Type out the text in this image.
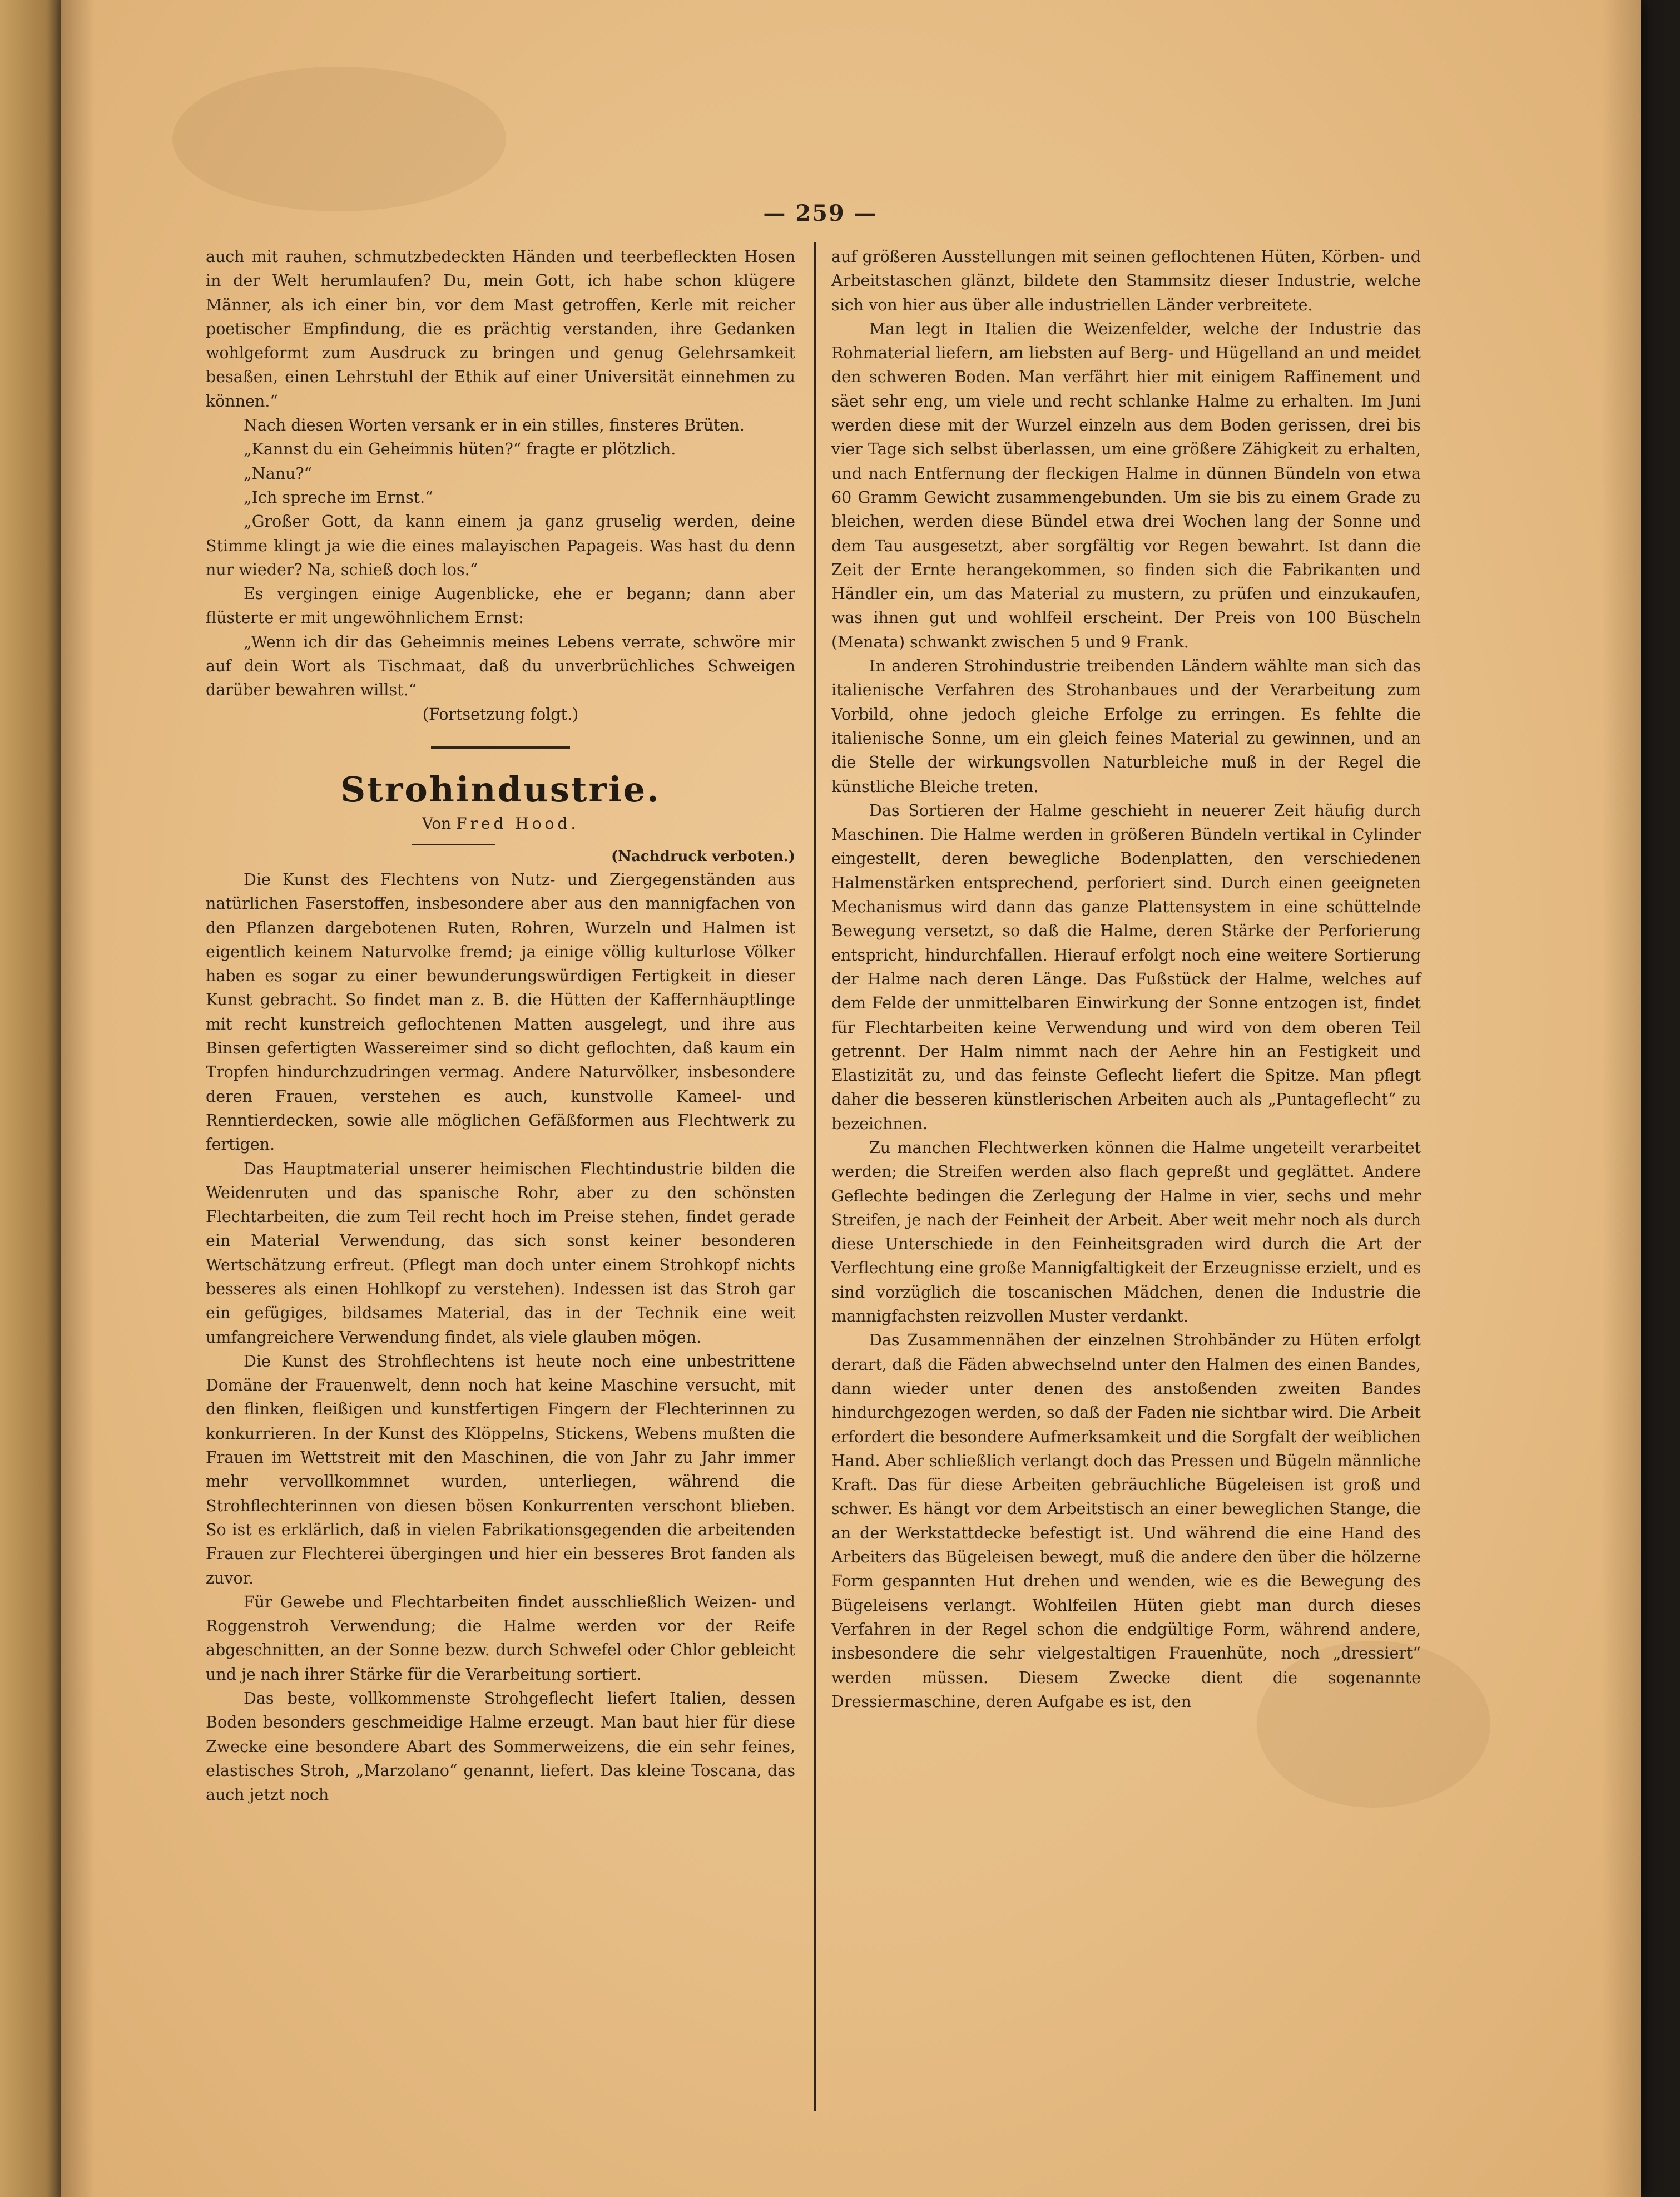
— 259 —

auch mit rauhen, schmutzbedeckten Händen und teerbefleckten Hosen in der Welt herumlaufen? Du, mein Gott, ich habe schon klügere Männer, als ich einer bin, vor dem Mast getroffen, Kerle mit reicher poetischer Empfindung, die es prächtig verstanden, ihre Gedanken wohlgeformt zum Ausdruck zu bringen und genug Gelehrsamkeit besaßen, einen Lehrstuhl der Ethik auf einer Universität einnehmen zu können.“

Nach diesen Worten versank er in ein stilles, finsteres Brüten.

„Kannst du ein Geheimnis hüten?“ fragte er plötzlich.

„Nanu?“

„Ich spreche im Ernst.“

„Großer Gott, da kann einem ja ganz gruselig werden, deine Stimme klingt ja wie die eines malayischen Papageis. Was hast du denn nur wieder? Na, schieß doch los.“

Es vergingen einige Augenblicke, ehe er begann; dann aber flüsterte er mit ungewöhnlichem Ernst:

„Wenn ich dir das Geheimnis meines Lebens verrate, schwöre mir auf dein Wort als Tischmaat, daß du unverbrüchliches Schweigen darüber bewahren willst.“

(Fortsetzung folgt.)

Strohindustrie.

Von Fred Hood.

(Nachdruck verboten.)

Die Kunst des Flechtens von Nutz- und Ziergegenständen aus natürlichen Faserstoffen, insbesondere aber aus den mannigfachen von den Pflanzen dargebotenen Ruten, Rohren, Wurzeln und Halmen ist eigentlich keinem Naturvolke fremd; ja einige völlig kulturlose Völker haben es sogar zu einer bewunderungswürdigen Fertigkeit in dieser Kunst gebracht. So findet man z. B. die Hütten der Kaffernhäuptlinge mit recht kunstreich geflochtenen Matten ausgelegt, und ihre aus Binsen gefertigten Wassereimer sind so dicht geflochten, daß kaum ein Tropfen hindurchzudringen vermag. Andere Naturvölker, insbesondere deren Frauen, verstehen es auch, kunstvolle Kameel- und Renntierdecken, sowie alle möglichen Gefäßformen aus Flechtwerk zu fertigen.

Das Hauptmaterial unserer heimischen Flechtindustrie bilden die Weidenruten und das spanische Rohr, aber zu den schönsten Flechtarbeiten, die zum Teil recht hoch im Preise stehen, findet gerade ein Material Verwendung, das sich sonst keiner besonderen Wertschätzung erfreut. (Pflegt man doch unter einem Strohkopf nichts besseres als einen Hohlkopf zu verstehen). Indessen ist das Stroh gar ein gefügiges, bildsames Material, das in der Technik eine weit umfangreichere Verwendung findet, als viele glauben mögen.

Die Kunst des Strohflechtens ist heute noch eine unbestrittene Domäne der Frauenwelt, denn noch hat keine Maschine versucht, mit den flinken, fleißigen und kunstfertigen Fingern der Flechterinnen zu konkurrieren. In der Kunst des Klöppelns, Stickens, Webens mußten die Frauen im Wettstreit mit den Maschinen, die von Jahr zu Jahr immer mehr vervollkommnet wurden, unterliegen, während die Strohflechterinnen von diesen bösen Konkurrenten verschont blieben. So ist es erklärlich, daß in vielen Fabrikationsgegenden die arbeitenden Frauen zur Flechterei übergingen und hier ein besseres Brot fanden als zuvor.

Für Gewebe und Flechtarbeiten findet ausschließlich Weizen- und Roggenstroh Verwendung; die Halme werden vor der Reife abgeschnitten, an der Sonne bezw. durch Schwefel oder Chlor gebleicht und je nach ihrer Stärke für die Verarbeitung sortiert.

Das beste, vollkommenste Strohgeflecht liefert Italien, dessen Boden besonders geschmeidige Halme erzeugt. Man baut hier für diese Zwecke eine besondere Abart des Sommerweizens, die ein sehr feines, elastisches Stroh, „Marzolano“ genannt, liefert. Das kleine Toscana, das auch jetzt noch

auf größeren Ausstellungen mit seinen geflochtenen Hüten, Körben- und Arbeitstaschen glänzt, bildete den Stammsitz dieser Industrie, welche sich von hier aus über alle industriellen Länder verbreitete.

Man legt in Italien die Weizenfelder, welche der Industrie das Rohmaterial liefern, am liebsten auf Berg- und Hügelland an und meidet den schweren Boden. Man verfährt hier mit einigem Raffinement und säet sehr eng, um viele und recht schlanke Halme zu erhalten. Im Juni werden diese mit der Wurzel einzeln aus dem Boden gerissen, drei bis vier Tage sich selbst überlassen, um eine größere Zähigkeit zu erhalten, und nach Entfernung der fleckigen Halme in dünnen Bündeln von etwa 60 Gramm Gewicht zusammengebunden. Um sie bis zu einem Grade zu bleichen, werden diese Bündel etwa drei Wochen lang der Sonne und dem Tau ausgesetzt, aber sorgfältig vor Regen bewahrt. Ist dann die Zeit der Ernte herangekommen, so finden sich die Fabrikanten und Händler ein, um das Material zu mustern, zu prüfen und einzukaufen, was ihnen gut und wohlfeil erscheint. Der Preis von 100 Büscheln (Menata) schwankt zwischen 5 und 9 Frank.

In anderen Strohindustrie treibenden Ländern wählte man sich das italienische Verfahren des Strohanbaues und der Verarbeitung zum Vorbild, ohne jedoch gleiche Erfolge zu erringen. Es fehlte die italienische Sonne, um ein gleich feines Material zu gewinnen, und an die Stelle der wirkungsvollen Naturbleiche muß in der Regel die künstliche Bleiche treten.

Das Sortieren der Halme geschieht in neuerer Zeit häufig durch Maschinen. Die Halme werden in größeren Bündeln vertikal in Cylinder eingestellt, deren bewegliche Bodenplatten, den verschiedenen Halmenstärken entsprechend, perforiert sind. Durch einen geeigneten Mechanismus wird dann das ganze Plattensystem in eine schüttelnde Bewegung versetzt, so daß die Halme, deren Stärke der Perforierung entspricht, hindurchfallen. Hierauf erfolgt noch eine weitere Sortierung der Halme nach deren Länge. Das Fußstück der Halme, welches auf dem Felde der unmittelbaren Einwirkung der Sonne entzogen ist, findet für Flechtarbeiten keine Verwendung und wird von dem oberen Teil getrennt. Der Halm nimmt nach der Aehre hin an Festigkeit und Elastizität zu, und das feinste Geflecht liefert die Spitze. Man pflegt daher die besseren künstlerischen Arbeiten auch als „Puntageflecht“ zu bezeichnen.

Zu manchen Flechtwerken können die Halme ungeteilt verarbeitet werden; die Streifen werden also flach gepreßt und geglättet. Andere Geflechte bedingen die Zerlegung der Halme in vier, sechs und mehr Streifen, je nach der Feinheit der Arbeit. Aber weit mehr noch als durch diese Unterschiede in den Feinheitsgraden wird durch die Art der Verflechtung eine große Mannigfaltigkeit der Erzeugnisse erzielt, und es sind vorzüglich die toscanischen Mädchen, denen die Industrie die mannigfachsten reizvollen Muster verdankt.

Das Zusammennähen der einzelnen Strohbänder zu Hüten erfolgt derart, daß die Fäden abwechselnd unter den Halmen des einen Bandes, dann wieder unter denen des anstoßenden zweiten Bandes hindurchgezogen werden, so daß der Faden nie sichtbar wird. Die Arbeit erfordert die besondere Aufmerksamkeit und die Sorgfalt der weiblichen Hand. Aber schließlich verlangt doch das Pressen und Bügeln männliche Kraft. Das für diese Arbeiten gebräuchliche Bügeleisen ist groß und schwer. Es hängt vor dem Arbeitstisch an einer beweglichen Stange, die an der Werkstattdecke befestigt ist. Und während die eine Hand des Arbeiters das Bügeleisen bewegt, muß die andere den über die hölzerne Form gespannten Hut drehen und wenden, wie es die Bewegung des Bügeleisens verlangt. Wohlfeilen Hüten giebt man durch dieses Verfahren in der Regel schon die endgültige Form, während andere, insbesondere die sehr vielgestaltigen Frauenhüte, noch „dressiert“ werden müssen. Diesem Zwecke dient die sogenannte Dressiermaschine, deren Aufgabe es ist, den
